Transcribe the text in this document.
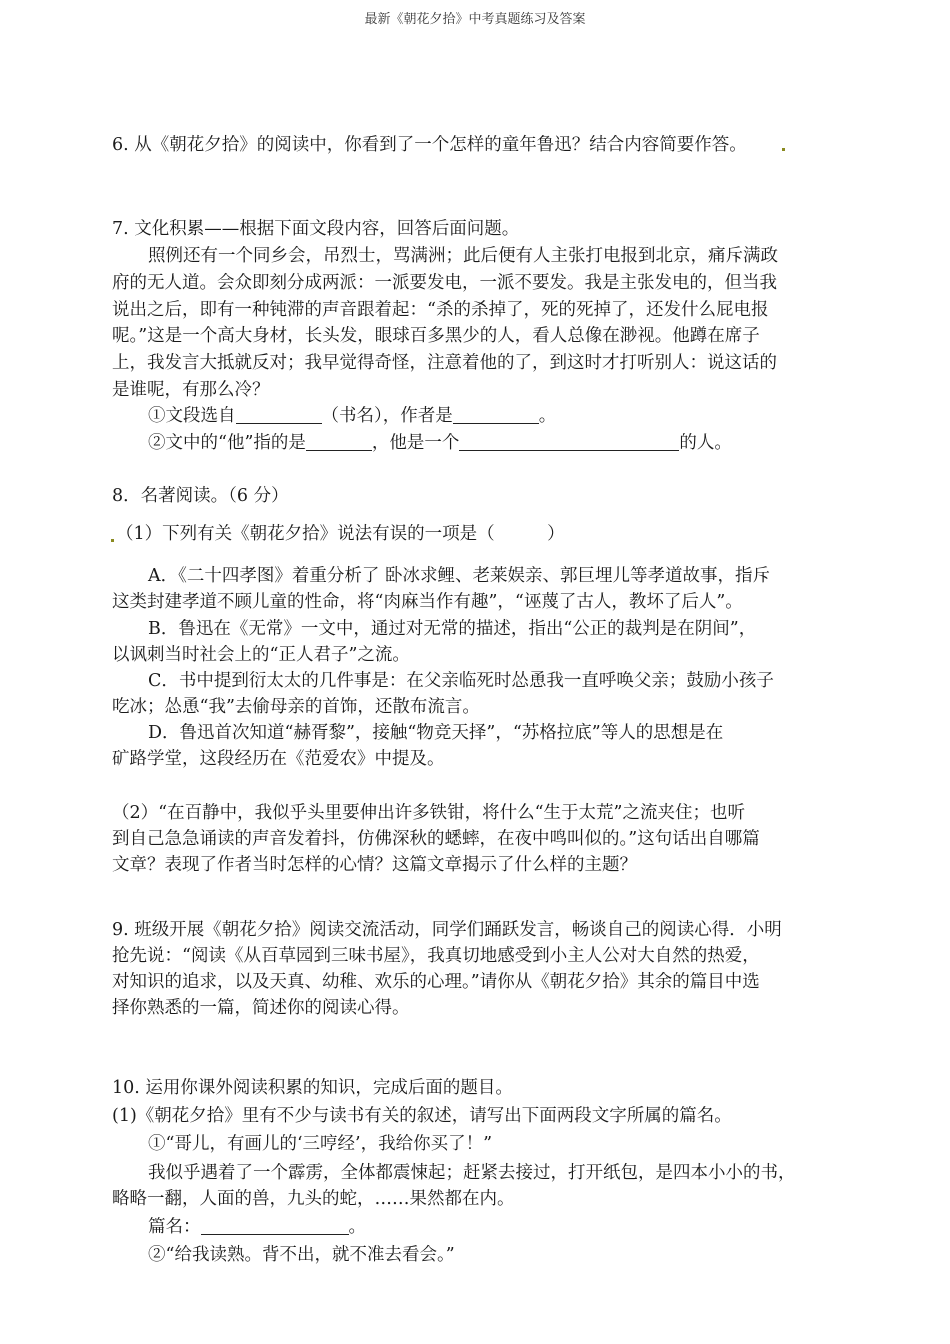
最新《朝花夕拾》中考真题练习及答案
6. 从《朝花夕拾》的阅读中，你看到了一个怎样的童年鲁迅？结合内容简要作答。
7. 文化积累——根据下面文段内容，回答后面问题。
照例还有一个同乡会，吊烈士，骂满洲；此后便有人主张打电报到北京，痛斥满政
府的无人道。会众即刻分成两派：一派要发电，一派不要发。我是主张发电的，但当我
说出之后，即有一种钝滞的声音跟着起：“杀的杀掉了，死的死掉了，还发什么屁电报
呢。”这是一个高大身材，长头发，眼球百多黑少的人，看人总像在渺视。他蹲在席子
上，我发言大抵就反对；我早觉得奇怪，注意着他的了，到这时才打听别人：说这话的
是谁呢，有那么冷？
①文段选自	（书名），作者是	。
②文中的“他”指的是	，他是一个	的人。
8．名著阅读。（6 分）
（1）下列有关《朝花夕拾》说法有误的一项是（　　　）
A．《二十四孝图》着重分析了 卧冰求鲤、老莱娱亲、郭巨埋儿等孝道故事，指斥
这类封建孝道不顾儿童的性命，将“肉麻当作有趣”，“诬蔑了古人，教坏了后人”。
B．鲁迅在《无常》一文中，通过对无常的描述，指出“公正的裁判是在阴间”，
以讽刺当时社会上的“正人君子”之流。
C．书中提到衍太太的几件事是：在父亲临死时怂恿我一直呼唤父亲；鼓励小孩子
吃冰；怂恿“我”去偷母亲的首饰，还散布流言。
D．鲁迅首次知道“赫胥黎”，接触“物竞天择”，“苏格拉底”等人的思想是在
矿路学堂，这段经历在《范爱农》中提及。
（2）“在百静中，我似乎头里要伸出许多铁钳，将什么“生于太荒”之流夹住；也听
到自己急急诵读的声音发着抖，仿佛深秋的蟋蟀，在夜中鸣叫似的。”这句话出自哪篇
文章？表现了作者当时怎样的心情？这篇文章揭示了什么样的主题？
9. 班级开展《朝花夕拾》阅读交流活动，同学们踊跃发言，畅谈自己的阅读心得．小明
抢先说：“阅读《从百草园到三味书屋》，我真切地感受到小主人公对大自然的热爱，
对知识的追求，以及天真、幼稚、欢乐的心理。”请你从《朝花夕拾》其余的篇目中选
择你熟悉的一篇，简述你的阅读心得。
10. 运用你课外阅读积累的知识，完成后面的题目。
(1)《朝花夕拾》里有不少与读书有关的叙述，请写出下面两段文字所属的篇名。
①“哥儿，有画儿的‘三哼经’，我给你买了！”
我似乎遇着了一个霹雳，全体都震悚起；赶紧去接过，打开纸包，是四本小小的书，
略略一翻，人面的兽，九头的蛇，……果然都在内。
篇名：	。
②“给我读熟。背不出，就不准去看会。”
